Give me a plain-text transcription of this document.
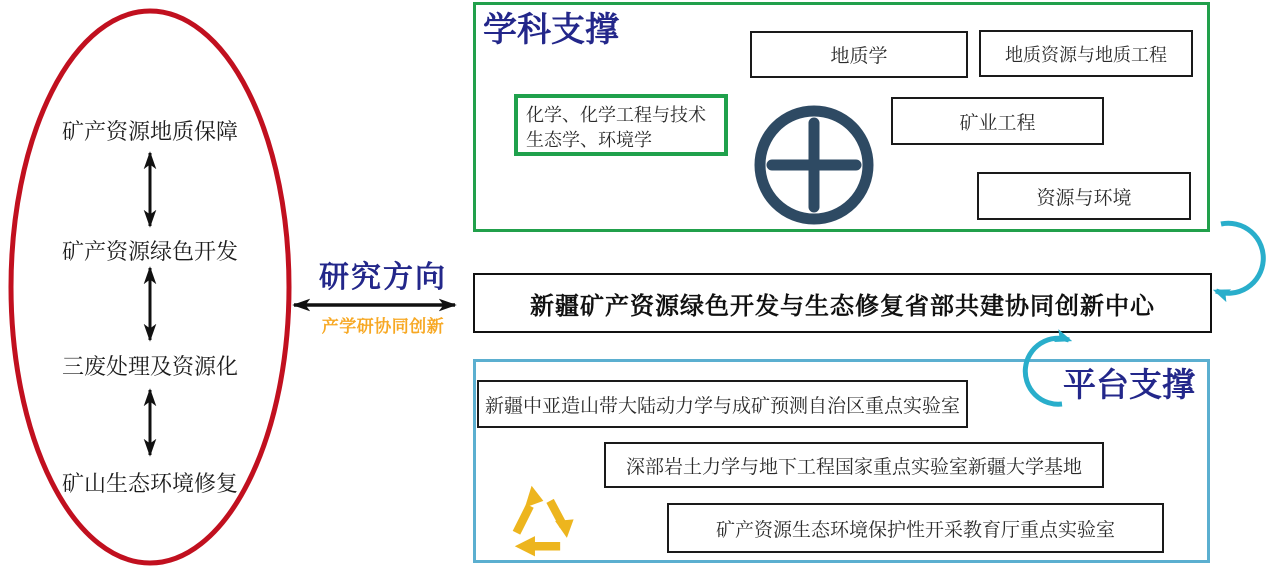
矿产资源地质保障
矿产资源绿色开发
三废处理及资源化
矿山生态环境修复
研究方向
产学研协同创新
新疆矿产资源绿色开发与生态修复省部共建协同创新中心
学科支撑
地质学	地质资源与地质工程
化学、化学工程与技术
生态学、环境学
矿业工程
资源与环境
平台支撑
新疆中亚造山带大陆动力学与成矿预测自治区重点实验室
深部岩土力学与地下工程国家重点实验室新疆大学基地
矿产资源生态环境保护性开采教育厅重点实验室
